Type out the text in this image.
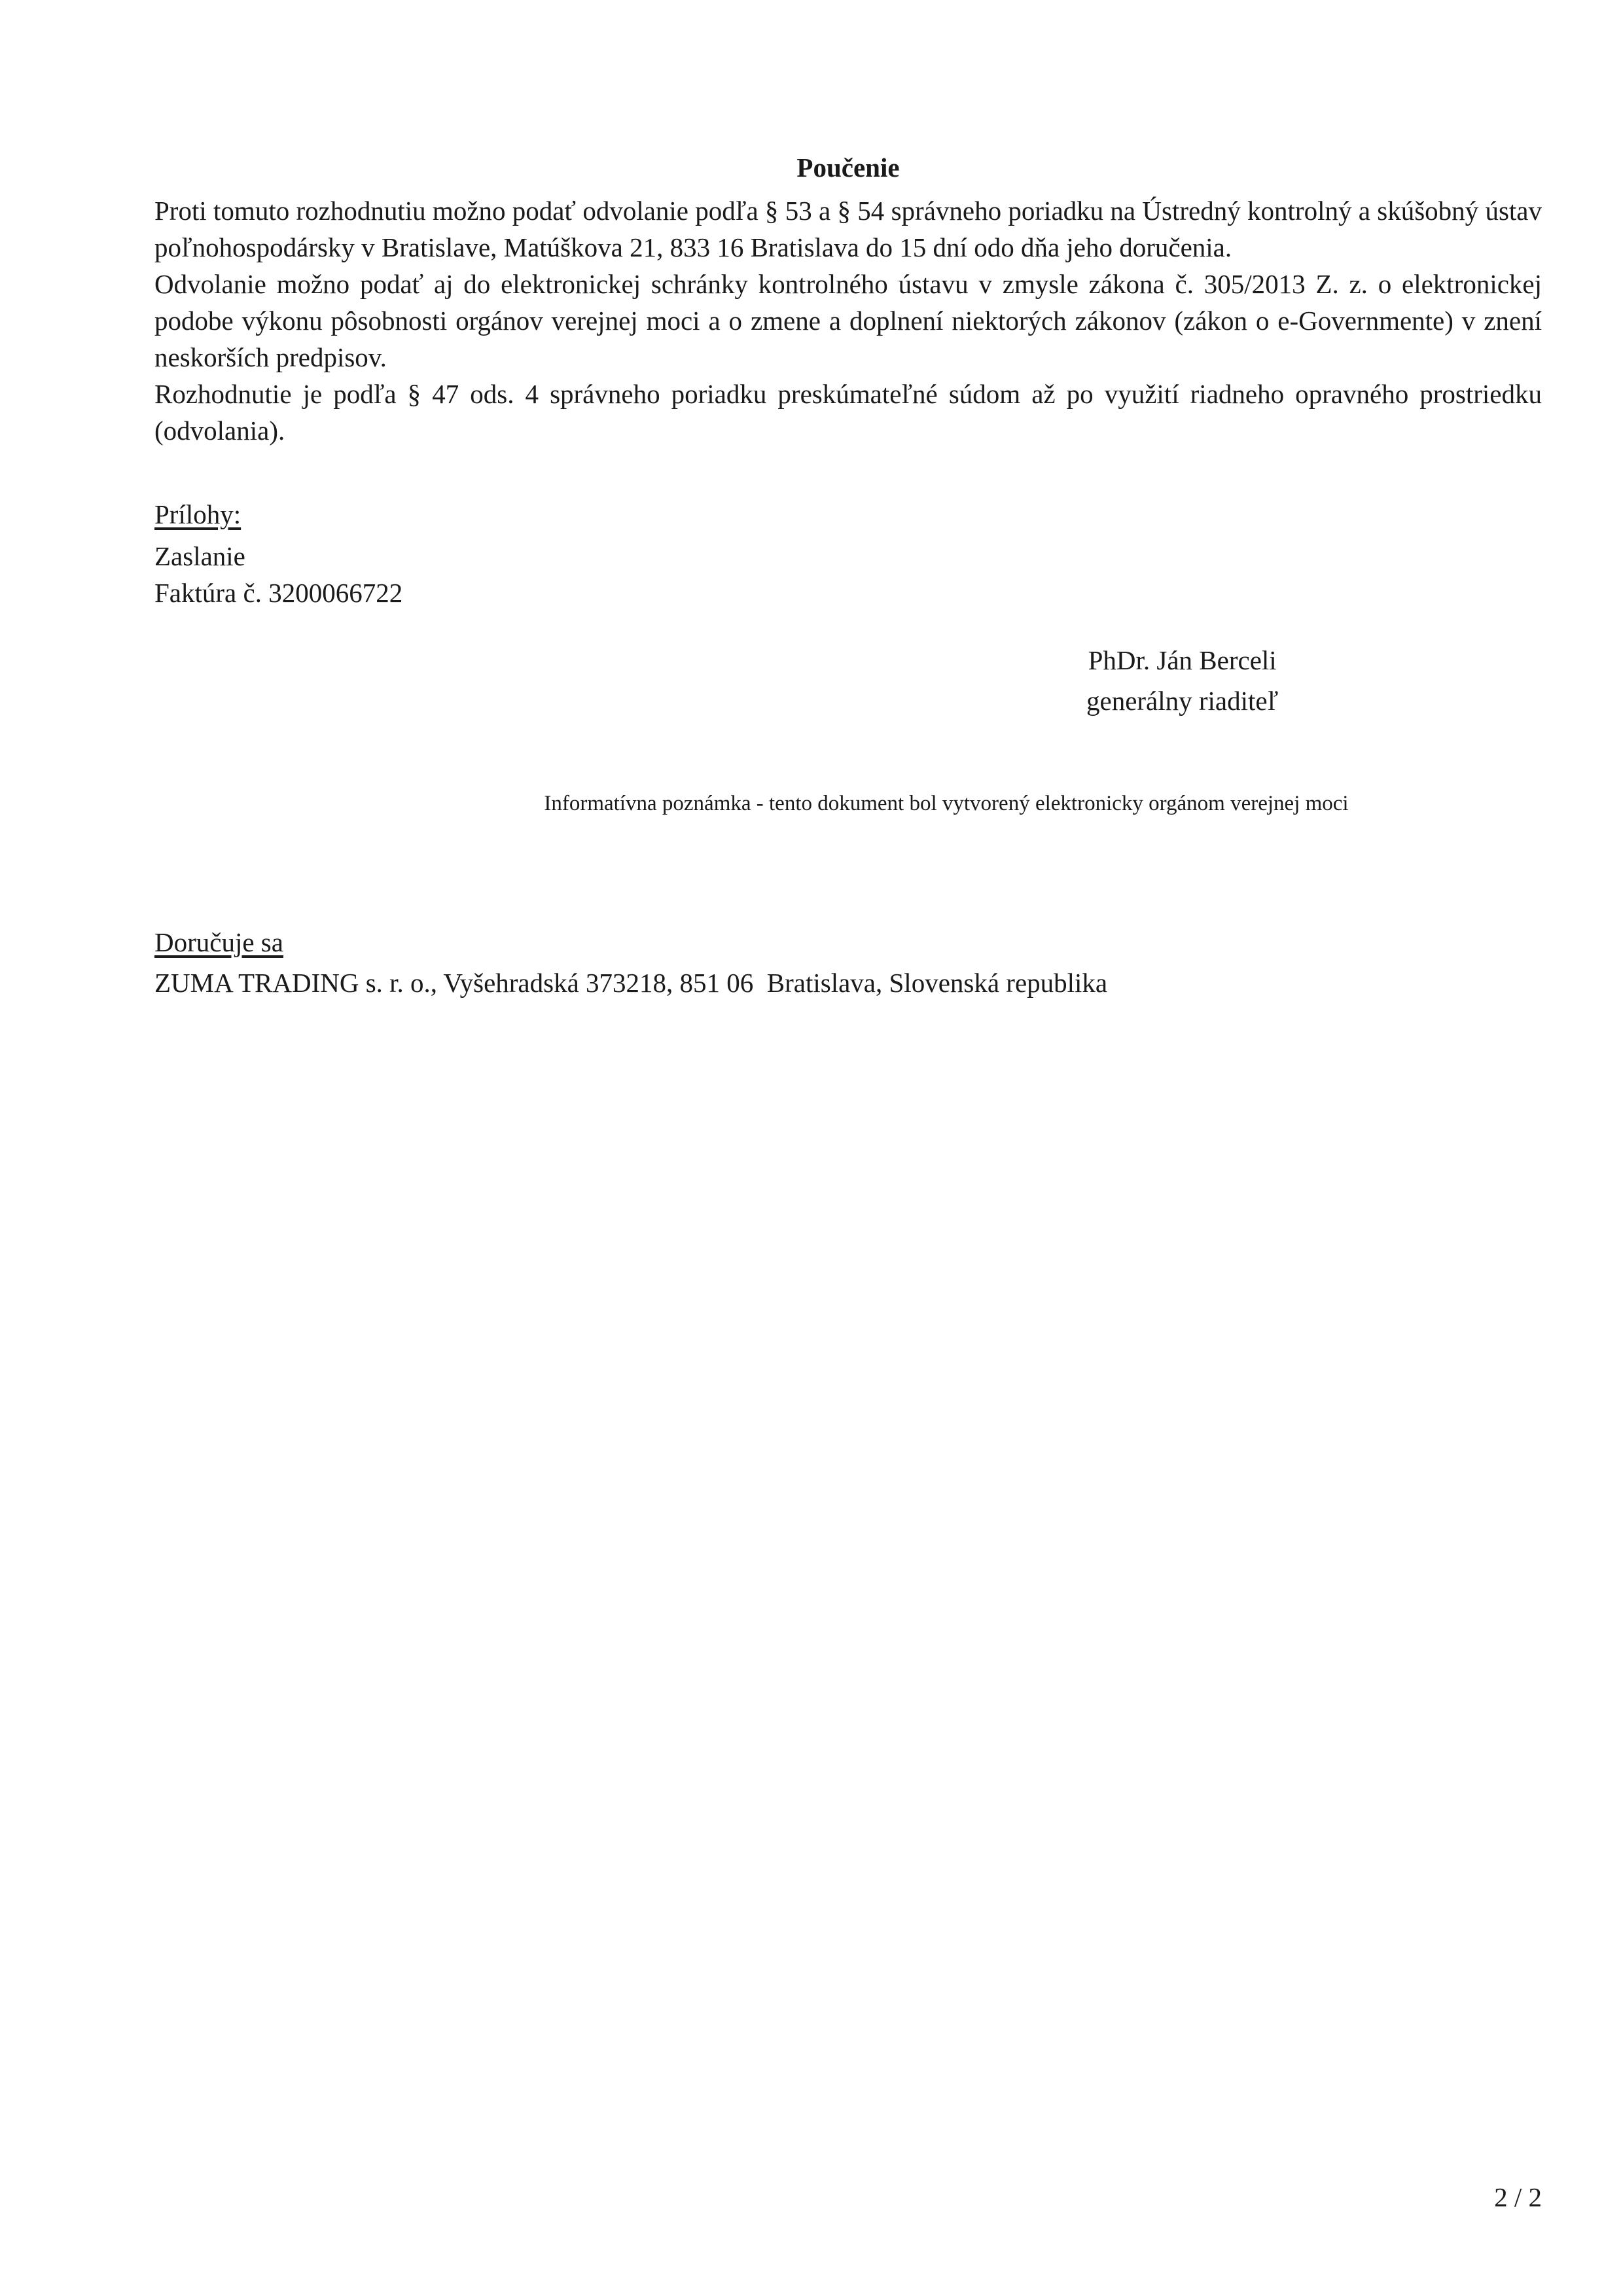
Poučenie

Proti tomuto rozhodnutiu možno podať odvolanie podľa § 53 a § 54 správneho poriadku na Ústredný kontrolný a skúšobný ústav poľnohospodársky v Bratislave, Matúškova 21, 833 16 Bratislava do 15 dní odo dňa jeho doručenia.

Odvolanie možno podať aj do elektronickej schránky kontrolného ústavu v zmysle zákona č. 305/2013 Z. z. o elektronickej podobe výkonu pôsobnosti orgánov verejnej moci a o zmene a doplnení niektorých zákonov (zákon o e-Governmente) v znení neskorších predpisov.

Rozhodnutie je podľa § 47 ods. 4 správneho poriadku preskúmateľné súdom až po využití riadneho opravného prostriedku (odvolania).

Prílohy:
Zaslanie
Faktúra č. 3200066722
PhDr. Ján Berceli
generálny riaditeľ
Informatívna poznámka - tento dokument bol vytvorený elektronicky orgánom verejnej moci
Doručuje sa
ZUMA TRADING s. r. o., Vyšehradská 373218, 851 06  Bratislava, Slovenská republika
2 / 2
